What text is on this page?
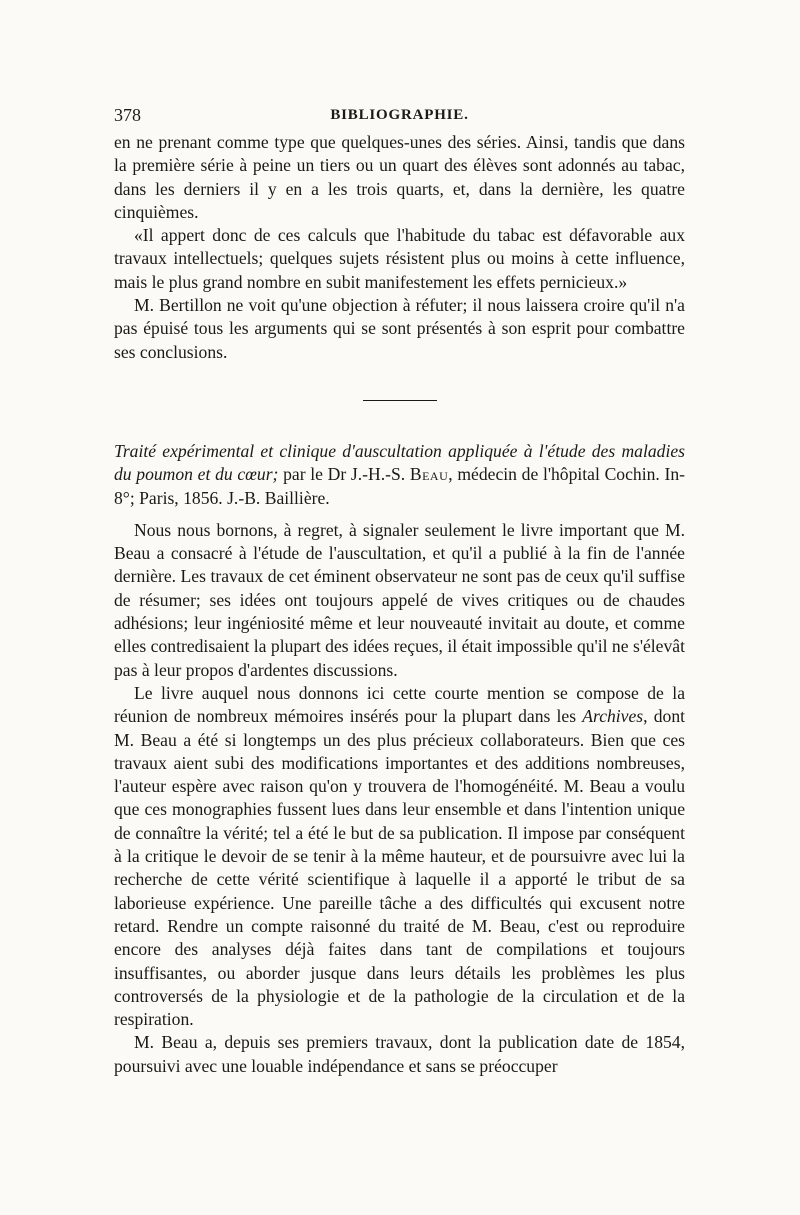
378	BIBLIOGRAPHIE.

en ne prenant comme type que quelques-unes des séries. Ainsi, tandis que dans la première série à peine un tiers ou un quart des élèves sont adonnés au tabac, dans les derniers il y en a les trois quarts, et, dans la dernière, les quatre cinquièmes.

«Il appert donc de ces calculs que l'habitude du tabac est défavorable aux travaux intellectuels; quelques sujets résistent plus ou moins à cette influence, mais le plus grand nombre en subit manifestement les effets pernicieux.»

M. Bertillon ne voit qu'une objection à réfuter; il nous laissera croire qu'il n'a pas épuisé tous les arguments qui se sont présentés à son esprit pour combattre ses conclusions.

Traité expérimental et clinique d'auscultation appliquée à l'étude des maladies du poumon et du cœur; par le Dr J.-H.-S. Beau, médecin de l'hôpital Cochin. In-8°; Paris, 1856. J.-B. Baillière.

Nous nous bornons, à regret, à signaler seulement le livre important que M. Beau a consacré à l'étude de l'auscultation, et qu'il a publié à la fin de l'année dernière. Les travaux de cet éminent observateur ne sont pas de ceux qu'il suffise de résumer; ses idées ont toujours appelé de vives critiques ou de chaudes adhésions; leur ingéniosité même et leur nouveauté invitait au doute, et comme elles contredisaient la plupart des idées reçues, il était impossible qu'il ne s'élevât pas à leur propos d'ardentes discussions.

Le livre auquel nous donnons ici cette courte mention se compose de la réunion de nombreux mémoires insérés pour la plupart dans les Archives, dont M. Beau a été si longtemps un des plus précieux collaborateurs. Bien que ces travaux aient subi des modifications importantes et des additions nombreuses, l'auteur espère avec raison qu'on y trouvera de l'homogénéité. M. Beau a voulu que ces monographies fussent lues dans leur ensemble et dans l'intention unique de connaître la vérité; tel a été le but de sa publication. Il impose par conséquent à la critique le devoir de se tenir à la même hauteur, et de poursuivre avec lui la recherche de cette vérité scientifique à laquelle il a apporté le tribut de sa laborieuse expérience. Une pareille tâche a des difficultés qui excusent notre retard. Rendre un compte raisonné du traité de M. Beau, c'est ou reproduire encore des analyses déjà faites dans tant de compilations et toujours insuffisantes, ou aborder jusque dans leurs détails les problèmes les plus controversés de la physiologie et de la pathologie de la circulation et de la respiration.

M. Beau a, depuis ses premiers travaux, dont la publication date de 1854, poursuivi avec une louable indépendance et sans se préoccuper
